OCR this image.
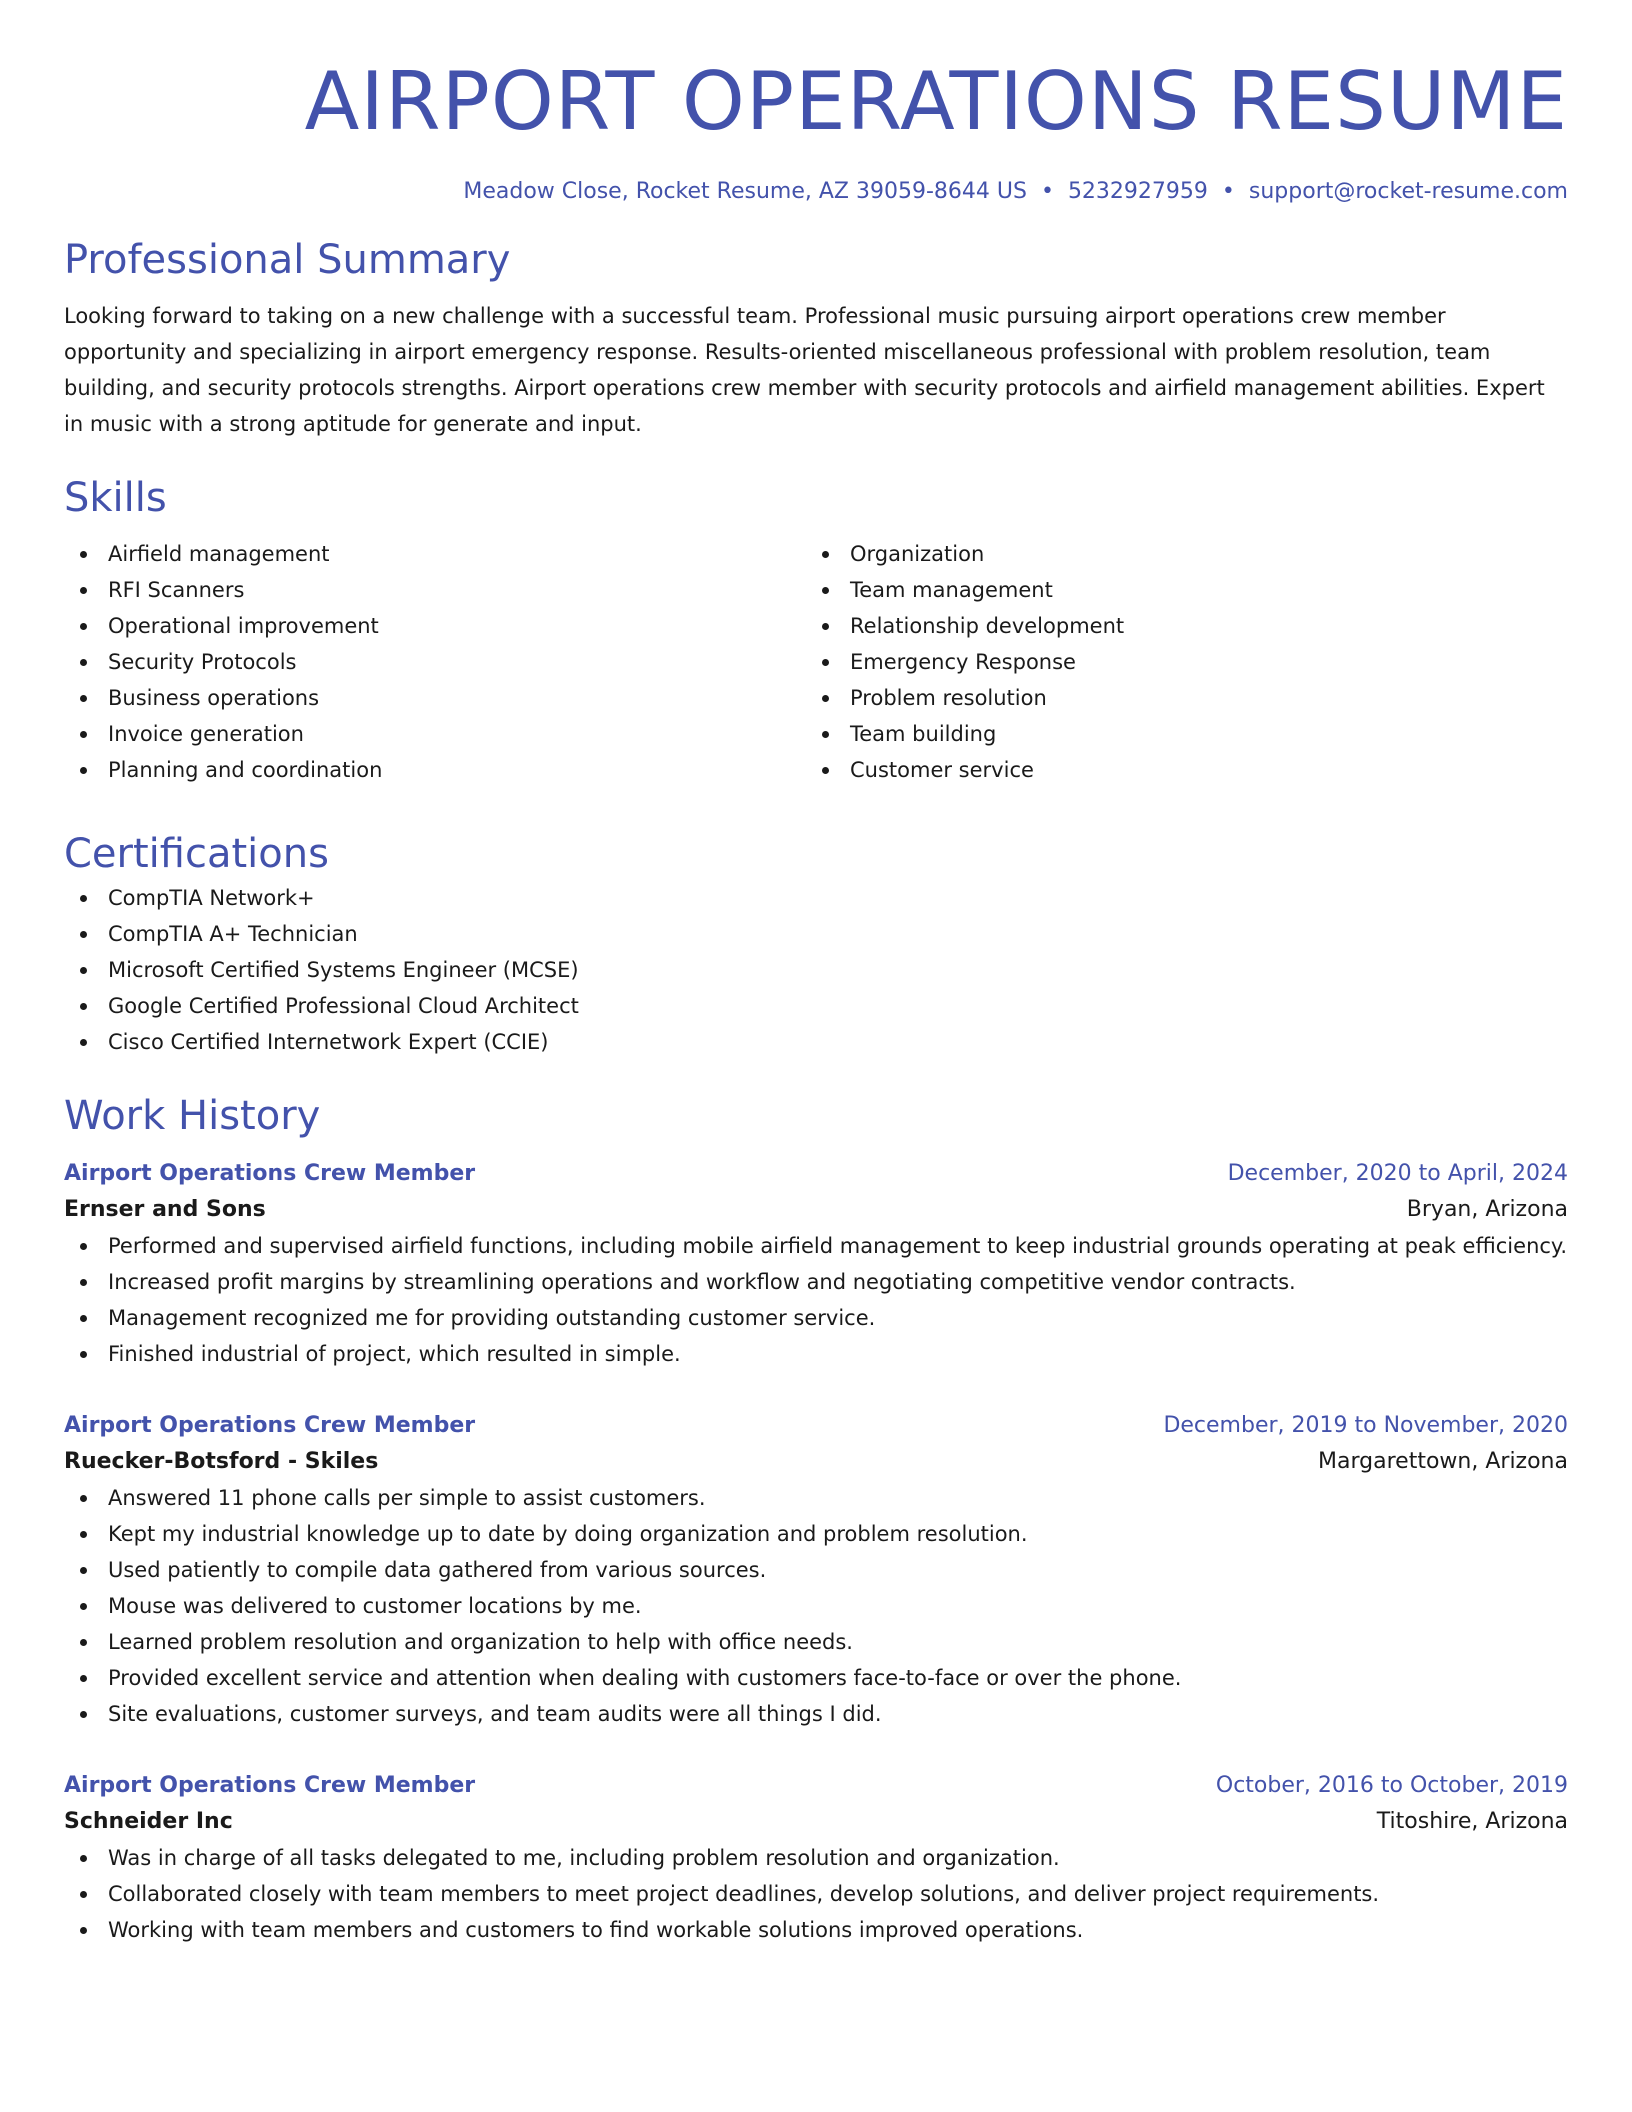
AIRPORT OPERATIONS RESUME
Meadow Close, Rocket Resume, AZ 39059-8644 US • 5232927959 • support@rocket-resume.com
Professional Summary

Looking forward to taking on a new challenge with a successful team. Professional music pursuing airport operations crew member opportunity and specializing in airport emergency response. Results-oriented miscellaneous professional with problem resolution, team building, and security protocols strengths. Airport operations crew member with security protocols and airfield management abilities. Expert in music with a strong aptitude for generate and input.

Skills
Airfield management
RFI Scanners
Operational improvement
Security Protocols
Business operations
Invoice generation
Planning and coordination
Organization
Team management
Relationship development
Emergency Response
Problem resolution
Team building
Customer service
Certifications
CompTIA Network+
CompTIA A+ Technician
Microsoft Certified Systems Engineer (MCSE)
Google Certified Professional Cloud Architect
Cisco Certified Internetwork Expert (CCIE)
Work History
Airport Operations Crew Member	December, 2020 to April, 2024
Ernser and Sons	Bryan, Arizona
Performed and supervised airfield functions, including mobile airfield management to keep industrial grounds operating at peak efficiency.
Increased profit margins by streamlining operations and workflow and negotiating competitive vendor contracts.
Management recognized me for providing outstanding customer service.
Finished industrial of project, which resulted in simple.
Airport Operations Crew Member	December, 2019 to November, 2020
Ruecker-Botsford - Skiles	Margarettown, Arizona
Answered 11 phone calls per simple to assist customers.
Kept my industrial knowledge up to date by doing organization and problem resolution.
Used patiently to compile data gathered from various sources.
Mouse was delivered to customer locations by me.
Learned problem resolution and organization to help with office needs.
Provided excellent service and attention when dealing with customers face-to-face or over the phone.
Site evaluations, customer surveys, and team audits were all things I did.
Airport Operations Crew Member	October, 2016 to October, 2019
Schneider Inc	Titoshire, Arizona
Was in charge of all tasks delegated to me, including problem resolution and organization.
Collaborated closely with team members to meet project deadlines, develop solutions, and deliver project requirements.
Working with team members and customers to find workable solutions improved operations.
